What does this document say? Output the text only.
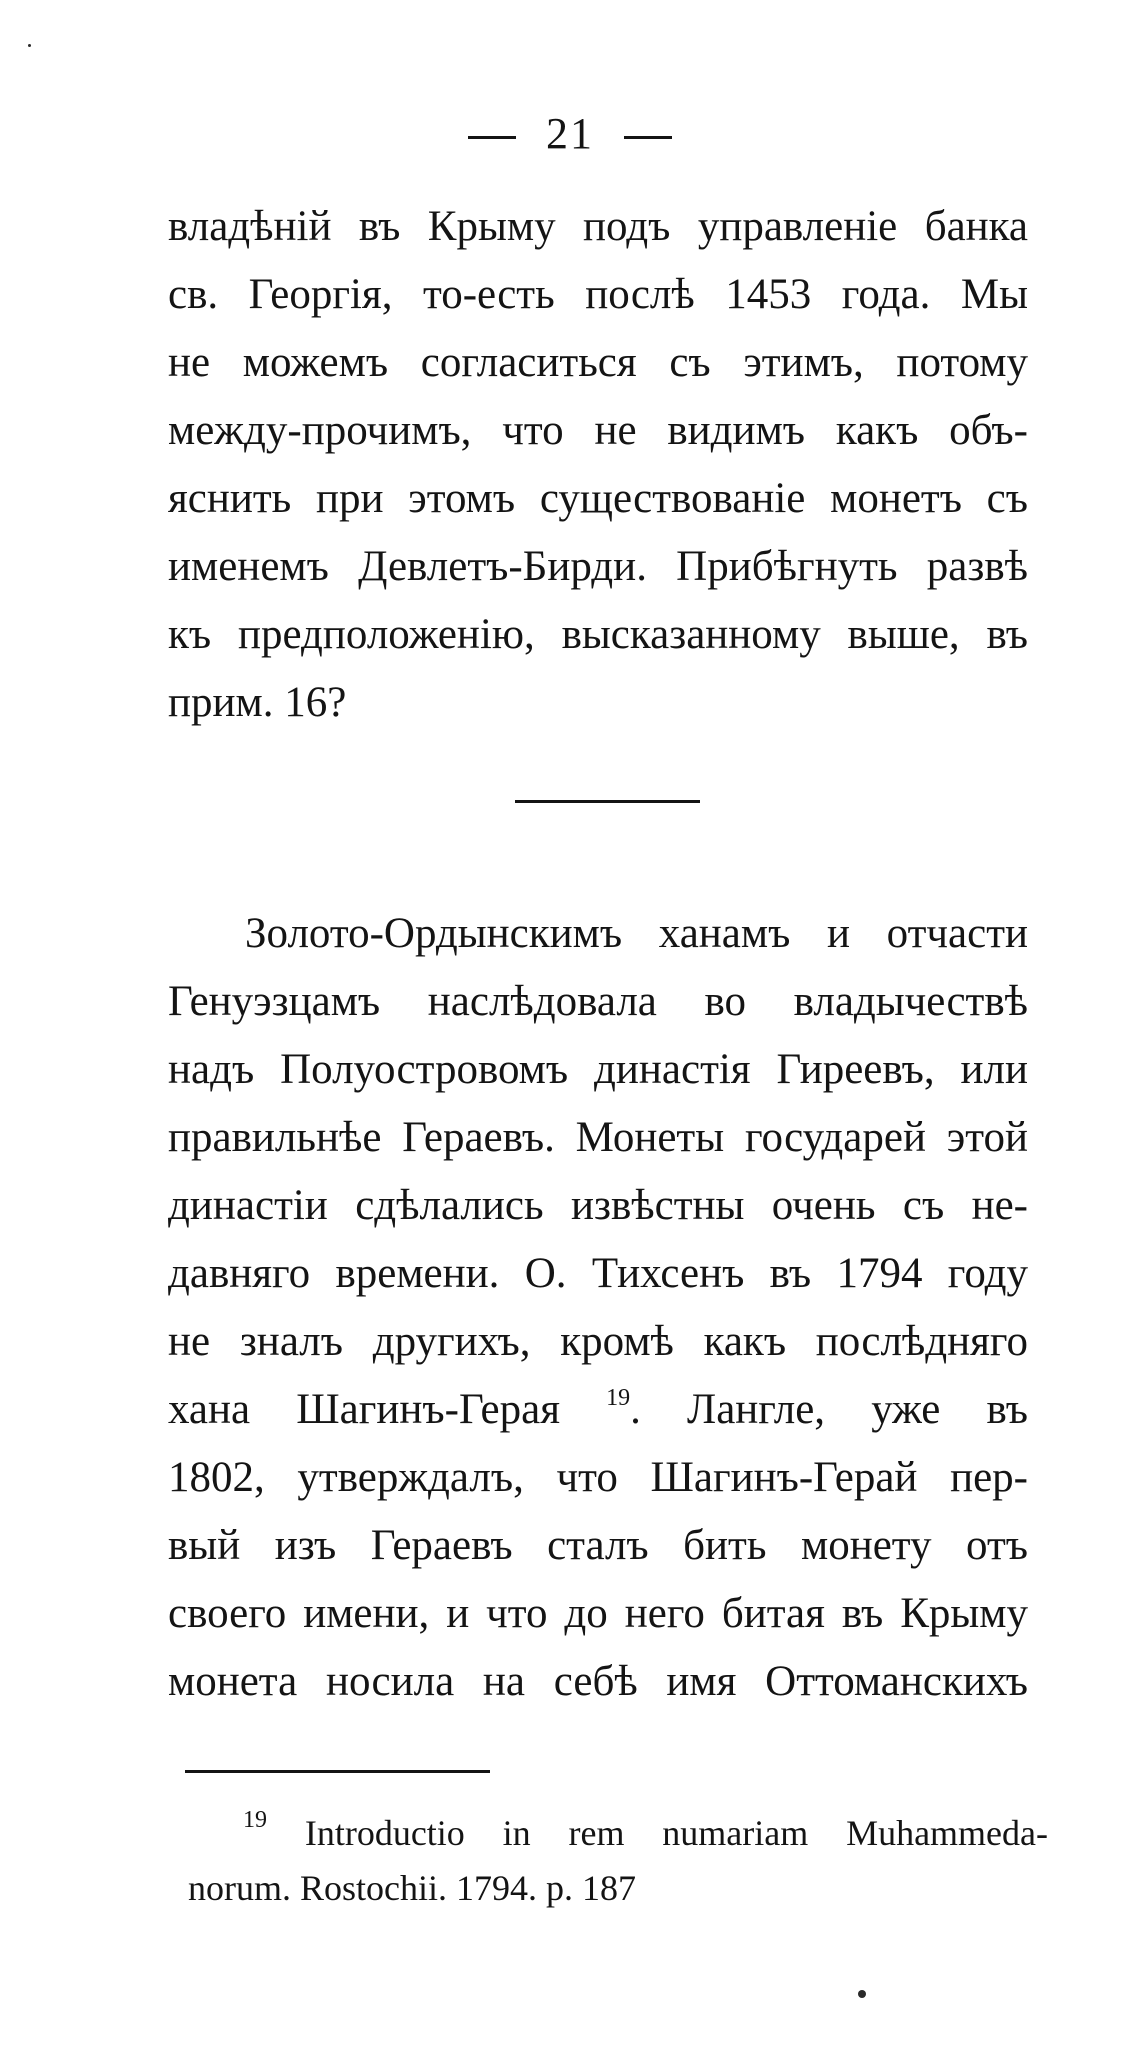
21
владѣній въ Крыму подъ управленіе банка
св. Георгія, то-есть послѣ 1453 года. Мы
не можемъ согласиться съ этимъ, потому
между-прочимъ, что не видимъ какъ объ-
яснить при этомъ существованіе монетъ съ
именемъ Девлетъ-Бирди. Прибѣгнуть развѣ
къ предположенію, высказанному выше, въ
прим. 16?
Золото-Ордынскимъ ханамъ и отчасти
Генуэзцамъ наслѣдовала во владычествѣ
надъ Полуостровомъ династія Гиреевъ, или
правильнѣе Гераевъ. Монеты государей этой
династіи сдѣлались извѣстны очень съ не-
давняго времени. О. Тихсенъ въ 1794 году
не зналъ другихъ, кромѣ какъ послѣдняго
хана Шагинъ-Герая $^{19}$. Лангле, уже въ
1802, утверждалъ, что Шагинъ-Герай пер-
вый изъ Гераевъ сталъ бить монету отъ
своего имени, и что до него битая въ Крыму
монета носила на себѣ имя Оттоманскихъ
$^{19}$ Introductio in rem numariam Muhammeda-
norum. Rostochii. 1794. p. 187
